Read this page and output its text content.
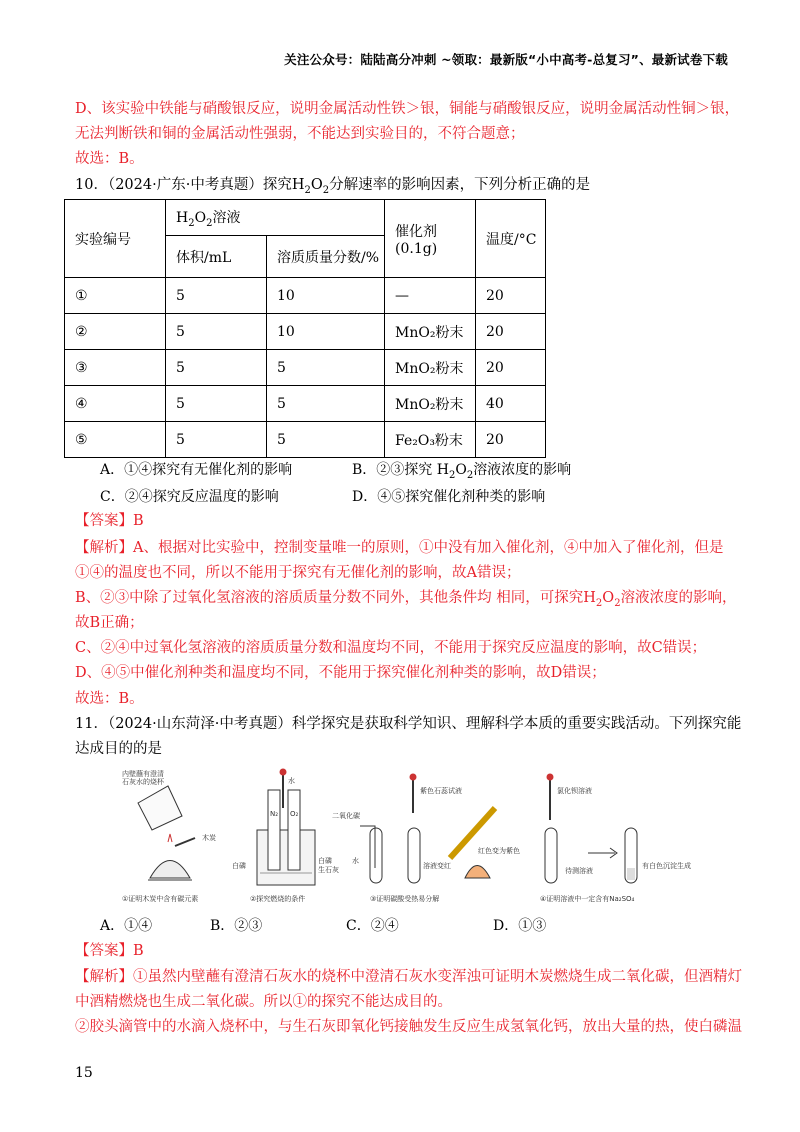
关注公众号：陆陆高分冲刺 ~领取：最新版“小中高考-总复习”、最新试卷下载
D、该实验中铁能与硝酸银反应，说明金属活动性铁＞银，铜能与硝酸银反应，说明金属活动性铜＞银，
无法判断铁和铜的金属活动性强弱，不能达到实验目的，不符合题意；
故选：B。
10．（2024·广东·中考真题）探究$H_2O_2$分解速率的影响因素，下列分析正确的是
实验编号	$H_2O_2$溶液		催化剂(0.1g)	温度/°C
	体积/mL	溶质质量分数/%		
①	5	10	—	20
②	5	10	MnO₂粉末	20
③	5	5	MnO₂粉末	20
④	5	5	MnO₂粉末	40
⑤	5	5	Fe₂O₃粉末	20
A．①④探究有无催化剂的影响	B．②③探究 $H_2O_2$溶液浓度的影响
C．②④探究反应温度的影响	D．④⑤探究催化剂种类的影响
【答案】B
【解析】A、根据对比实验中，控制变量唯一的原则，①中没有加入催化剂，④中加入了催化剂，但是
①④的温度也不同，所以不能用于探究有无催化剂的影响，故A错误；
B、②③中除了过氧化氢溶液的溶质质量分数不同外，其他条件均 相同，可探究$H_2O_2$溶液浓度的影响，
故B正确；
C、②④中过氧化氢溶液的溶质质量分数和温度均不同，不能用于探究反应温度的影响，故C错误；
D、④⑤中催化剂种类和温度均不同，不能用于探究催化剂种类的影响，故D错误；
故选：B。
11．（2024·山东菏泽·中考真题）科学探究是获取科学知识、理解科学本质的重要实践活动。下列探究能
达成目的的是
内壁蘸有澄清
石灰水的烧杯
木炭
①证明木炭中含有碳元素
水
N₂ O₂
白磷
白磷
生石灰
②探究燃烧的条件
二氧化碳
水
紫色石蕊试液
溶液变红
红色变为紫色
③证明碳酸受热易分解
氯化钡溶液
待测溶液
有白色沉淀生成
④证明溶液中一定含有Na₂SO₄
A．①④	B．②③	C．②④	D．①③
【答案】B
【解析】①虽然内壁蘸有澄清石灰水的烧杯中澄清石灰水变浑浊可证明木炭燃烧生成二氧化碳，但酒精灯
中酒精燃烧也生成二氧化碳。所以①的探究不能达成目的。
②胶头滴管中的水滴入烧杯中，与生石灰即氧化钙接触发生反应生成氢氧化钙，放出大量的热，使白磷温
15
